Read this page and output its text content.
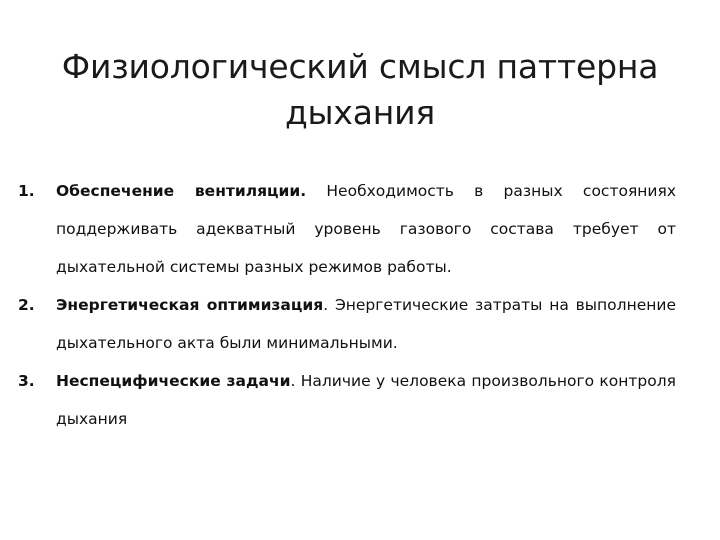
Физиологический смысл паттерна дыхания
1.	Обеспечение вентиляции. Необходимость в разных состояниях поддерживать адекватный уровень газового состава требует от дыхательной системы разных режимов работы.
2.	Энергетическая оптимизация. Энергетические затраты на выполнение дыхательного акта были минимальными.
3.	Неспецифические задачи. Наличие у человека произвольного контроля дыхания
